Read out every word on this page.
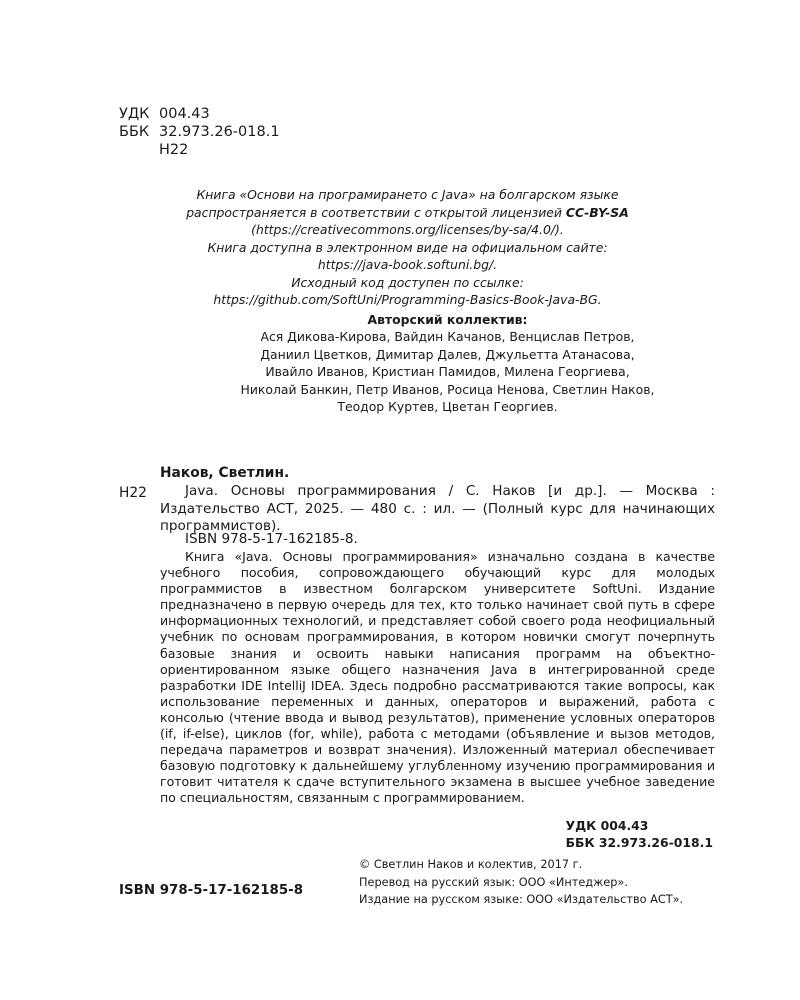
УДК 004.43
ББК 32.973.26-018.1
Н22
Книга «Основи на програмирането с Java» на болгарском языке
распространяется в соответствии с открытой лицензией CC-BY-SA
(https://creativecommons.org/licenses/by-sa/4.0/).
Книга доступна в электронном виде на официальном сайте:
https://java-book.softuni.bg/.
Исходный код доступен по ссылке:
https://github.com/SoftUni/Programming-Basics-Book-Java-BG.
Авторский коллектив:
Ася Дикова-Кирова, Вайдин Качанов, Венцислав Петров,
Даниил Цветков, Димитар Далев, Джульетта Атанасова,
Ивайло Иванов, Кристиан Памидов, Милена Георгиева,
Николай Банкин, Петр Иванов, Росица Ненова, Светлин Наков,
Теодор Куртев, Цветан Георгиев.
Наков, Светлин.
Н22	Java. Основы программирования / С. Наков [и др.]. — Москва : Издательство АСТ, 2025. — 480 с. : ил. — (Полный курс для начинающих программистов).
ISBN 978-5-17-162185-8.
Книга «Java. Основы программирования» изначально создана в качестве учебного пособия, сопровождающего обучающий курс для молодых программистов в известном болгарском университете SoftUni. Издание предназначено в первую очередь для тех, кто только начинает свой путь в сфере информационных технологий, и представляет собой своего рода неофициальный учебник по основам программирования, в котором новички смогут почерпнуть базовые знания и освоить навыки написания программ на объектно-ориентированном языке общего назначения Java в интегрированной среде разработки IDE IntelliJ IDEA. Здесь подробно рассматриваются такие вопросы, как использование переменных и данных, операторов и выражений, работа с консолью (чтение ввода и вывод результатов), применение условных операторов (if, if-else), циклов (for, while), работа с методами (объявление и вызов методов, передача параметров и возврат значения). Изложенный материал обеспечивает базовую подготовку к дальнейшему углубленному изучению программирования и готовит читателя к сдаче вступительного экзамена в высшее учебное заведение по специальностям, связанным с программированием.
УДК 004.43
ББК 32.973.26-018.1
ISBN 978-5-17-162185-8
© Светлин Наков и колектив, 2017 г.
Перевод на русский язык: ООО «Интеджер».
Издание на русском языке: ООО «Издательство АСТ».
